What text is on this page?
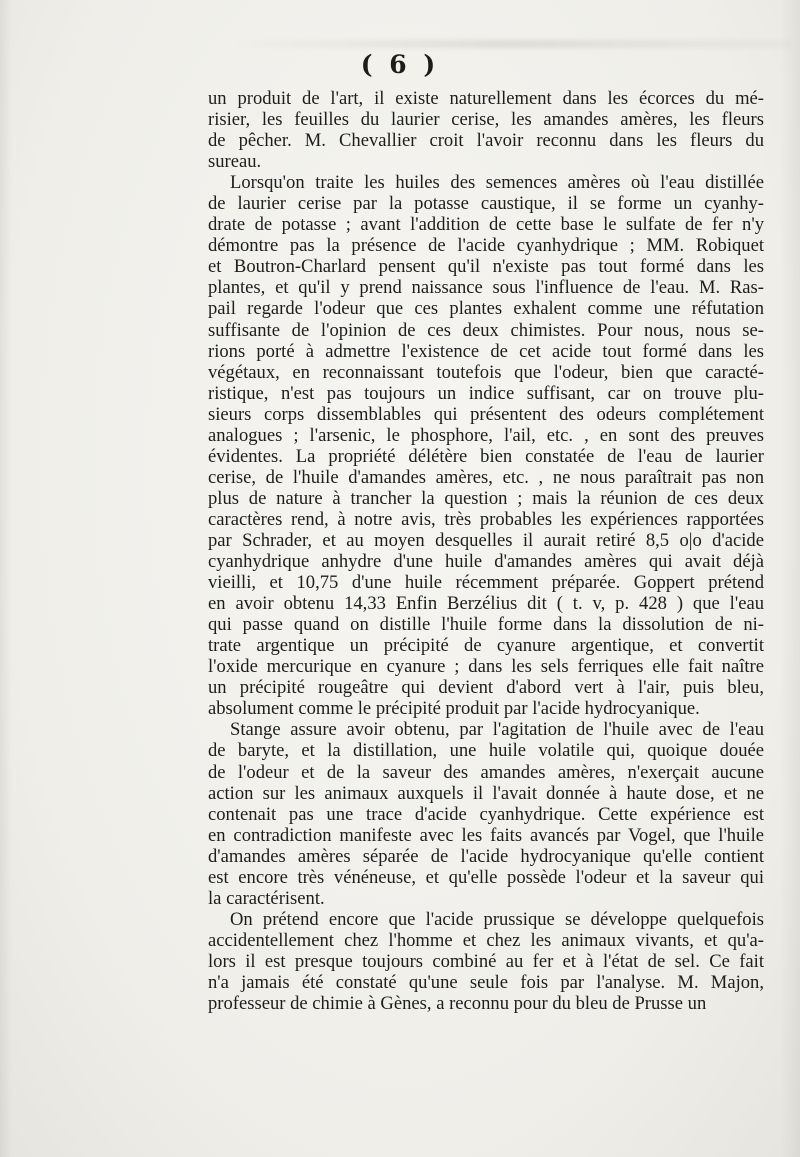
( 6 )
un produit de l'art, il existe naturellement dans les écorces du mé-
risier, les feuilles du laurier cerise, les amandes amères, les fleurs
de pêcher. M. Chevallier croit l'avoir reconnu dans les fleurs du
sureau.
Lorsqu'on traite les huiles des semences amères où l'eau distillée
de laurier cerise par la potasse caustique, il se forme un cyanhy-
drate de potasse ; avant l'addition de cette base le sulfate de fer n'y
démontre pas la présence de l'acide cyanhydrique ; MM. Robiquet
et Boutron-Charlard pensent qu'il n'existe pas tout formé dans les
plantes, et qu'il y prend naissance sous l'influence de l'eau. M. Ras-
pail regarde l'odeur que ces plantes exhalent comme une réfutation
suffisante de l'opinion de ces deux chimistes. Pour nous, nous se-
rions porté à admettre l'existence de cet acide tout formé dans les
végétaux, en reconnaissant toutefois que l'odeur, bien que caracté-
ristique, n'est pas toujours un indice suffisant, car on trouve plu-
sieurs corps dissemblables qui présentent des odeurs complétement
analogues ; l'arsenic, le phosphore, l'ail, etc. , en sont des preuves
évidentes. La propriété délétère bien constatée de l'eau de laurier
cerise, de l'huile d'amandes amères, etc. , ne nous paraîtrait pas non
plus de nature à trancher la question ; mais la réunion de ces deux
caractères rend, à notre avis, très probables les expériences rapportées
par Schrader, et au moyen desquelles il aurait retiré 8,5 o|o d'acide
cyanhydrique anhydre d'une huile d'amandes amères qui avait déjà
vieilli, et 10,75 d'une huile récemment préparée. Goppert prétend
en avoir obtenu 14,33 Enfin Berzélius dit ( t. v, p. 428 ) que l'eau
qui passe quand on distille l'huile forme dans la dissolution de ni-
trate argentique un précipité de cyanure argentique, et convertit
l'oxide mercurique en cyanure ; dans les sels ferriques elle fait naître
un précipité rougeâtre qui devient d'abord vert à l'air, puis bleu,
absolument comme le précipité produit par l'acide hydrocyanique.
Stange assure avoir obtenu, par l'agitation de l'huile avec de l'eau
de baryte, et la distillation, une huile volatile qui, quoique douée
de l'odeur et de la saveur des amandes amères, n'exerçait aucune
action sur les animaux auxquels il l'avait donnée à haute dose, et ne
contenait pas une trace d'acide cyanhydrique. Cette expérience est
en contradiction manifeste avec les faits avancés par Vogel, que l'huile
d'amandes amères séparée de l'acide hydrocyanique qu'elle contient
est encore très vénéneuse, et qu'elle possède l'odeur et la saveur qui
la caractérisent.
On prétend encore que l'acide prussique se développe quelquefois
accidentellement chez l'homme et chez les animaux vivants, et qu'a-
lors il est presque toujours combiné au fer et à l'état de sel. Ce fait
n'a jamais été constaté qu'une seule fois par l'analyse. M. Majon,
professeur de chimie à Gènes, a reconnu pour du bleu de Prusse un
